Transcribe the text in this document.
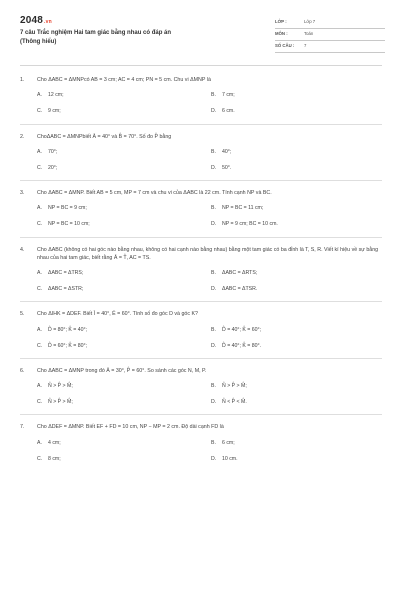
2048.vn
7 câu Trắc nghiệm Hai tam giác bằng nhau có đáp án
(Thông hiểu)
LỚP :	Lớp 7
MÔN :	Toán
SỐ CÂU : 7
1.	Cho ΔABC = ΔMNPcó AB = 3 cm; AC = 4 cm; PN = 5 cm. Chu vi ΔMNP là
A.	12 cm;	B.	7 cm;
C.	9 cm;	D.	6 cm.
2.	ChoΔABC = ΔMNPbiết Â = 40° và B̂ = 70°. Số đo P̂ bằng
A.	70°;	B.	40°;
C.	20°;	D.	50°.
3.	Cho ΔABC = ΔMNP. Biết AB = 5 cm, MP = 7 cm và chu vi của ΔABC là 22 cm. Tính cạnh NP và BC.
A.	NP = BC = 9 cm;	B.	NP = BC = 11 cm;
C.	NP = BC = 10 cm;	D.	NP = 9 cm; BC = 10 cm.
4.	Cho ΔABC (không có hai góc nào bằng nhau, không có hai cạnh nào bằng nhau) bằng một tam giác có ba đỉnh là T, S, R. Viết kí hiệu về sự bằng nhau của hai tam giác, biết rằng Â = T̂, AC = TS.
A.	ΔABC = ΔTRS;	B.	ΔABC = ΔRTS;
C.	ΔABC = ΔSTR;	D.	ΔABC = ΔTSR.
5.	Cho ΔIHK = ΔDEF. Biết Î = 40°, Ê = 60°. Tính số đo góc D và góc K?
A.	D̂ = 80°; K̂ = 40°;	B.	D̂ = 40°; K̂ = 60°;
C.	D̂ = 60°; K̂ = 80°;	D.	D̂ = 40°; K̂ = 80°.
6.	Cho ΔABC = ΔMNP trong đó Â = 30°, P̂ = 60°. So sánh các góc N, M, P.
A.	N̂ > P̂ > M̂;	B.	N̂ > P̂ > M̂;
C.	N̂ > P̂ > M̂;	D.	N̂ < P̂ < M̂.
7.	Cho ΔDEF = ΔMNP. Biết EF + FD = 10 cm, NP − MP = 2 cm. Độ dài cạnh FD là
A.	4 cm;	B.	6 cm;
C.	8 cm;	D.	10 cm.
